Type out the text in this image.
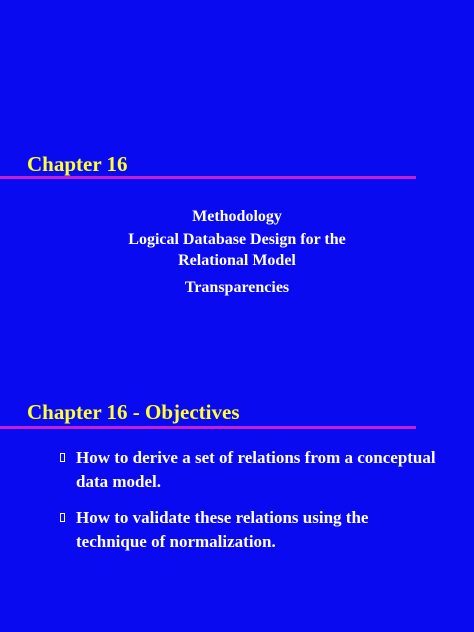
Chapter 16
Methodology
Logical Database Design for the
Relational Model
Transparencies
Chapter 16 - Objectives
How to derive a set of relations from a conceptual data model.
How to validate these relations using the technique of normalization.
